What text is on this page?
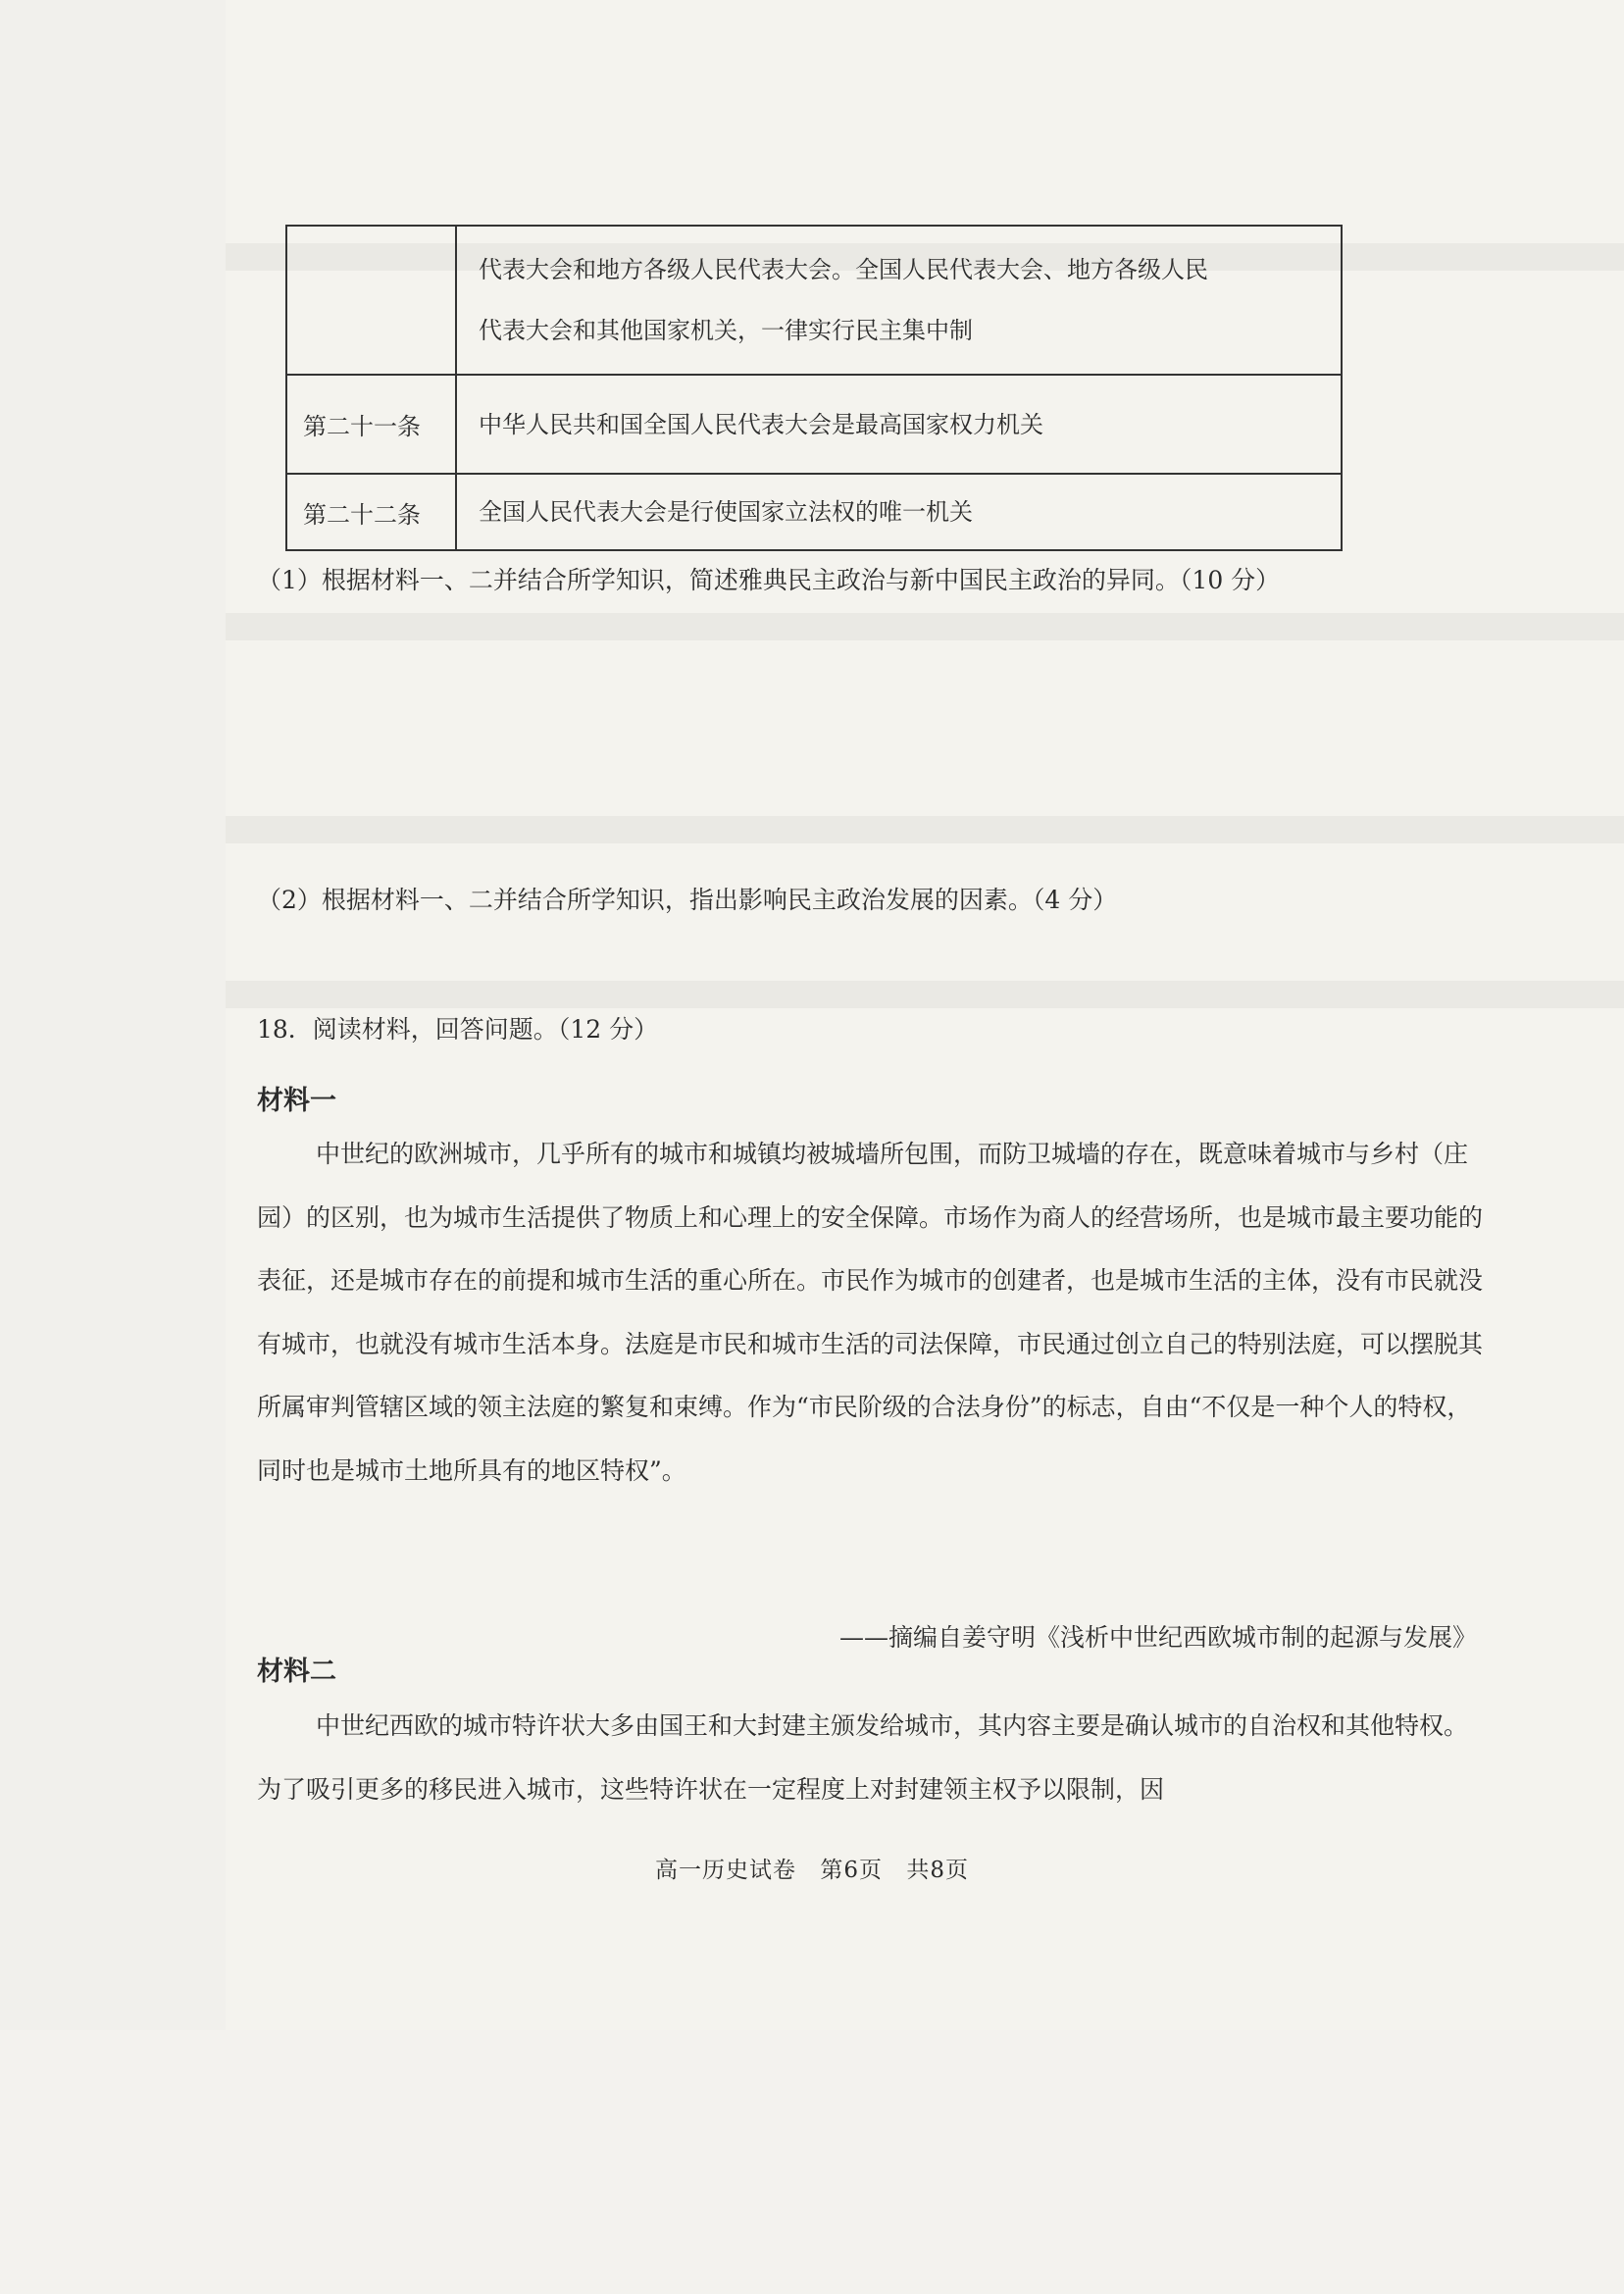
	代表大会和地方各级人民代表大会。全国人民代表大会、地方各级人民
代表大会和其他国家机关，一律实行民主集中制

第二十一条	中华人民共和国全国人民代表大会是最高国家权力机关

第二十二条	全国人民代表大会是行使国家立法权的唯一机关
（1）根据材料一、二并结合所学知识，简述雅典民主政治与新中国民主政治的异同。（10 分）
（2）根据材料一、二并结合所学知识，指出影响民主政治发展的因素。（4 分）
18．阅读材料，回答问题。（12 分）
材料一

中世纪的欧洲城市，几乎所有的城市和城镇均被城墙所包围，而防卫城墙的存在，既意味着城市与乡村（庄园）的区别，也为城市生活提供了物质上和心理上的安全保障。市场作为商人的经营场所，也是城市最主要功能的表征，还是城市存在的前提和城市生活的重心所在。市民作为城市的创建者，也是城市生活的主体，没有市民就没有城市，也就没有城市生活本身。法庭是市民和城市生活的司法保障，市民通过创立自己的特别法庭，可以摆脱其所属审判管辖区域的领主法庭的繁复和束缚。作为“市民阶级的合法身份”的标志，自由“不仅是一种个人的特权，同时也是城市土地所具有的地区特权”。

——摘编自姜守明《浅析中世纪西欧城市制的起源与发展》
材料二

中世纪西欧的城市特许状大多由国王和大封建主颁发给城市，其内容主要是确认城市的自治权和其他特权。为了吸引更多的移民进入城市，这些特许状在一定程度上对封建领主权予以限制，因

高一历史试卷 第6页 共8页
